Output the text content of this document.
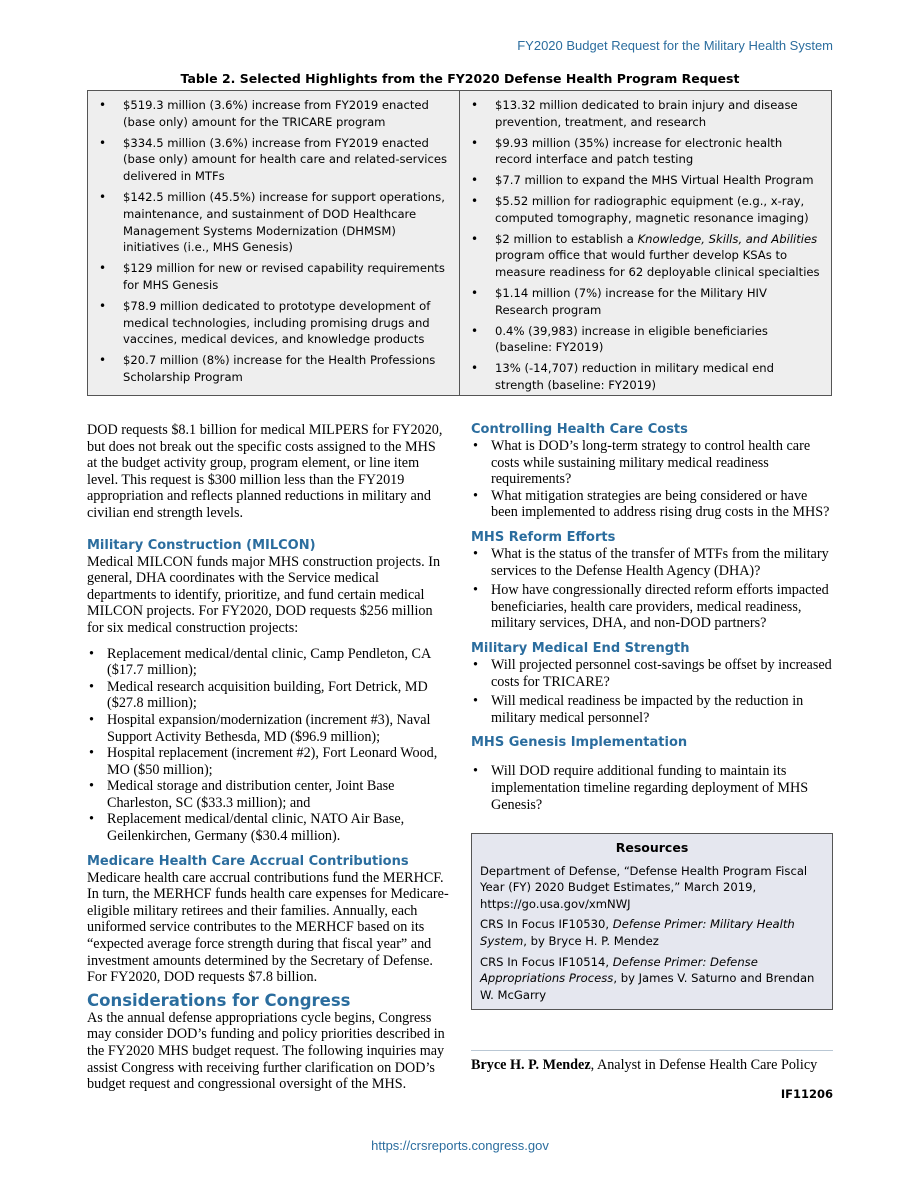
FY2020 Budget Request for the Military Health System
Table 2. Selected Highlights from the FY2020 Defense Health Program Request
• $519.3 million (3.6%) increase from FY2019 enacted (base only) amount for the TRICARE program
• $334.5 million (3.6%) increase from FY2019 enacted (base only) amount for health care and related-services delivered in MTFs
• $142.5 million (45.5%) increase for support operations, maintenance, and sustainment of DOD Healthcare Management Systems Modernization (DHMSM) initiatives (i.e., MHS Genesis)
• $129 million for new or revised capability requirements for MHS Genesis
• $78.9 million dedicated to prototype development of medical technologies, including promising drugs and vaccines, medical devices, and knowledge products
• $20.7 million (8%) increase for the Health Professions Scholarship Program
• $13.32 million dedicated to brain injury and disease prevention, treatment, and research
• $9.93 million (35%) increase for electronic health record interface and patch testing
• $7.7 million to expand the MHS Virtual Health Program
• $5.52 million for radiographic equipment (e.g., x-ray, computed tomography, magnetic resonance imaging)
• $2 million to establish a Knowledge, Skills, and Abilities program office that would further develop KSAs to measure readiness for 62 deployable clinical specialties
• $1.14 million (7%) increase for the Military HIV Research program
• 0.4% (39,983) increase in eligible beneficiaries (baseline: FY2019)
• 13% (-14,707) reduction in military medical end strength (baseline: FY2019)

DOD requests $8.1 billion for medical MILPERS for FY2020, but does not break out the specific costs assigned to the MHS at the budget activity group, program element, or line item level. This request is $300 million less than the FY2019 appropriation and reflects planned reductions in military and civilian end strength levels.

Military Construction (MILCON)

Medical MILCON funds major MHS construction projects. In general, DHA coordinates with the Service medical departments to identify, prioritize, and fund certain medical MILCON projects. For FY2020, DOD requests $256 million for six medical construction projects:

• Replacement medical/dental clinic, Camp Pendleton, CA ($17.7 million);
• Medical research acquisition building, Fort Detrick, MD ($27.8 million);
• Hospital expansion/modernization (increment #3), Naval Support Activity Bethesda, MD ($96.9 million);
• Hospital replacement (increment #2), Fort Leonard Wood, MO ($50 million);
• Medical storage and distribution center, Joint Base Charleston, SC ($33.3 million); and
• Replacement medical/dental clinic, NATO Air Base, Geilenkirchen, Germany ($30.4 million).
Medicare Health Care Accrual Contributions

Medicare health care accrual contributions fund the MERHCF. In turn, the MERHCF funds health care expenses for Medicare-eligible military retirees and their families. Annually, each uniformed service contributes to the MERHCF based on its “expected average force strength during that fiscal year” and investment amounts determined by the Secretary of Defense. For FY2020, DOD requests $7.8 billion.

Considerations for Congress

As the annual defense appropriations cycle begins, Congress may consider DOD’s funding and policy priorities described in the FY2020 MHS budget request. The following inquiries may assist Congress with receiving further clarification on DOD’s budget request and congressional oversight of the MHS.

Controlling Health Care Costs
• What is DOD’s long-term strategy to control health care costs while sustaining military medical readiness requirements?
• What mitigation strategies are being considered or have been implemented to address rising drug costs in the MHS?
MHS Reform Efforts
• What is the status of the transfer of MTFs from the military services to the Defense Health Agency (DHA)?
• How have congressionally directed reform efforts impacted beneficiaries, health care providers, medical readiness, military services, DHA, and non-DOD partners?
Military Medical End Strength
• Will projected personnel cost-savings be offset by increased costs for TRICARE?
• Will medical readiness be impacted by the reduction in military medical personnel?
MHS Genesis Implementation
• Will DOD require additional funding to maintain its implementation timeline regarding deployment of MHS Genesis?
Resources

Department of Defense, “Defense Health Program Fiscal Year (FY) 2020 Budget Estimates,” March 2019, https://go.usa.gov/xmNWJ

CRS In Focus IF10530, Defense Primer: Military Health System, by Bryce H. P. Mendez

CRS In Focus IF10514, Defense Primer: Defense Appropriations Process, by James V. Saturno and Brendan W. McGarry

Bryce H. P. Mendez, Analyst in Defense Health Care Policy
IF11206
https://crsreports.congress.gov
